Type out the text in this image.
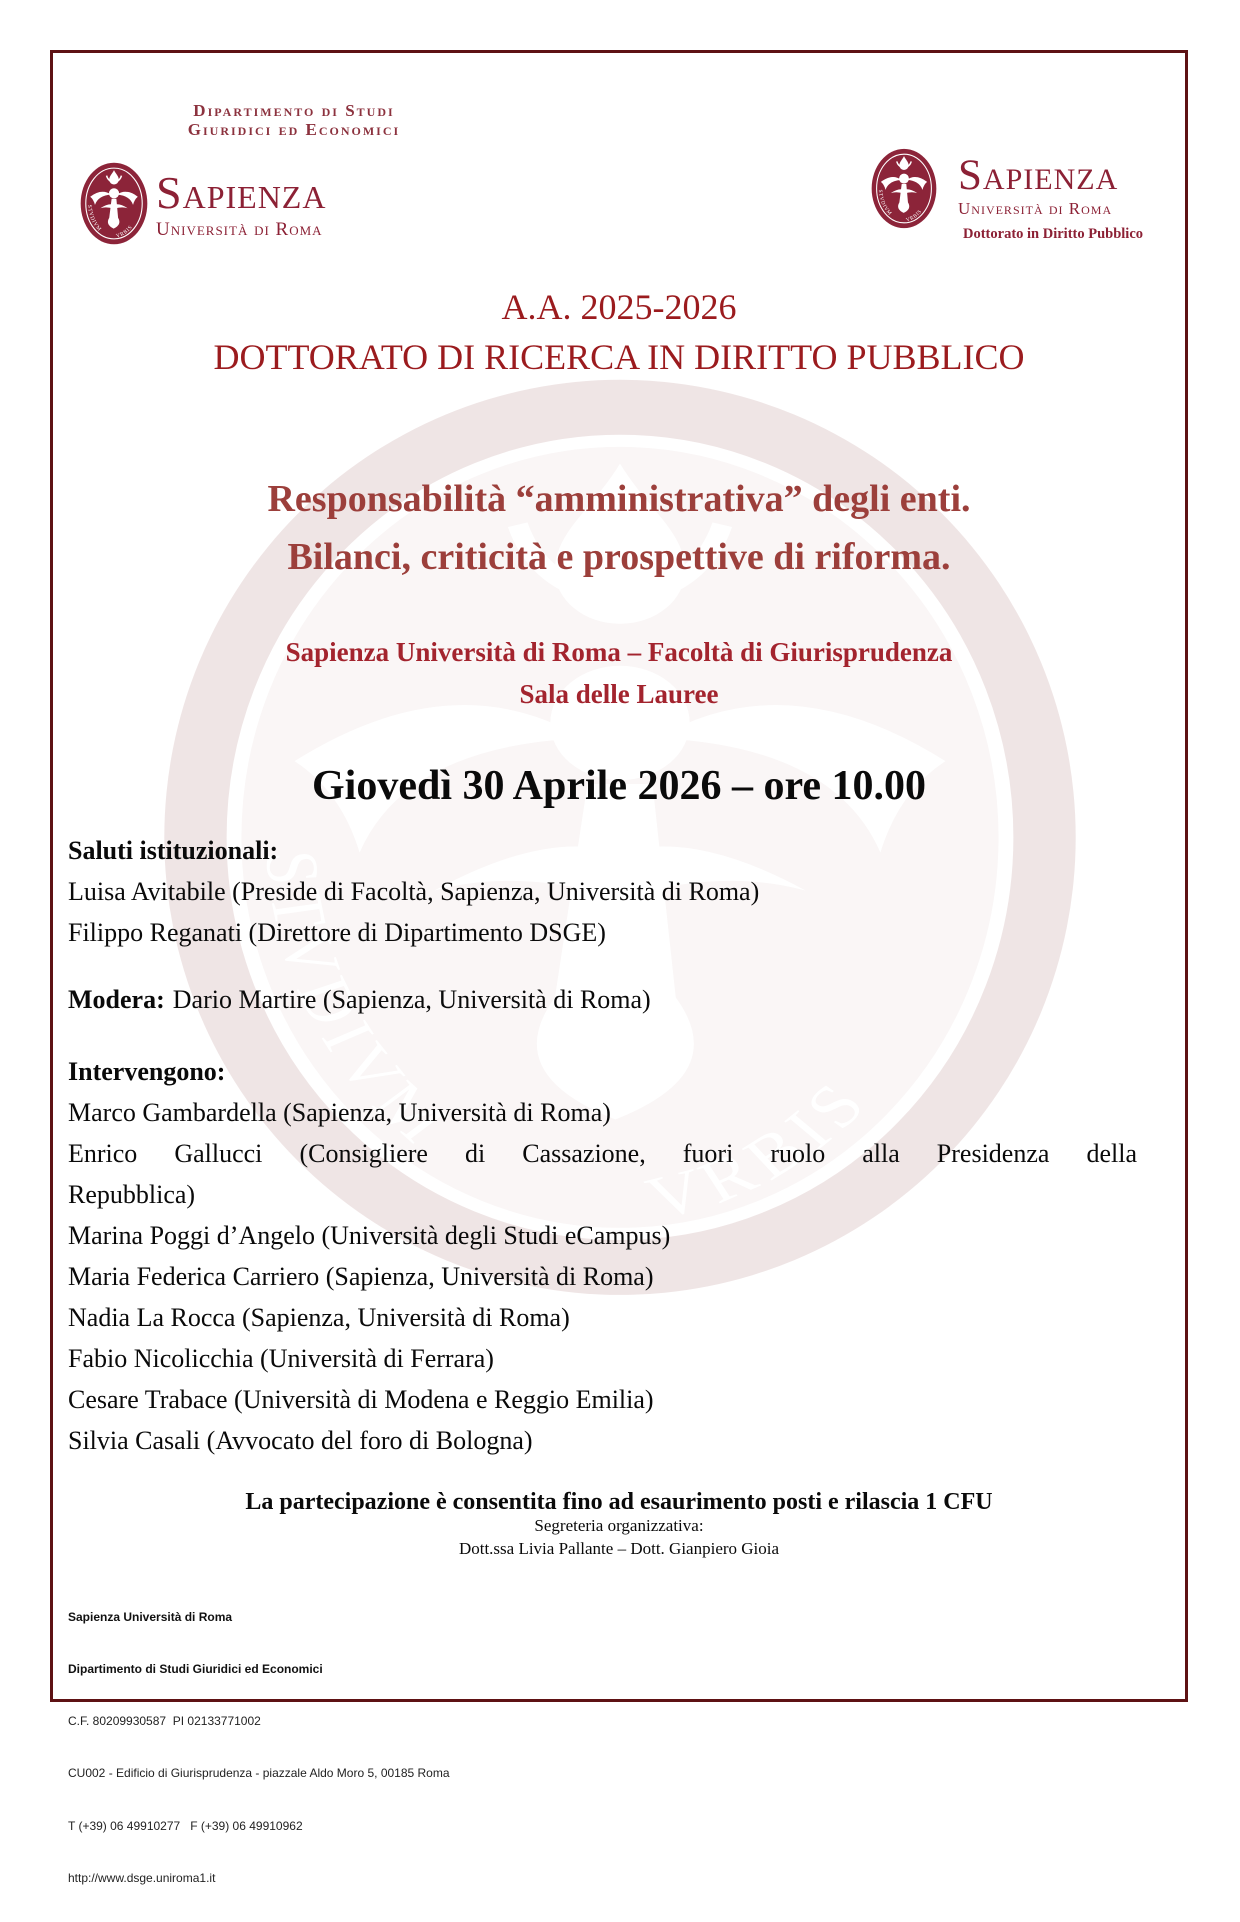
Dipartimento di Studi
Giuridici ed Economici
Sapienza
Università di Roma
Sapienza
Università di Roma
Dottorato in Diritto Pubblico
A.A. 2025-2026
DOTTORATO DI RICERCA IN DIRITTO PUBBLICO
Responsabilità “amministrativa” degli enti.
Bilanci, criticità e prospettive di riforma.
Sapienza Università di Roma – Facoltà di Giurisprudenza
Sala delle Lauree
Giovedì 30 Aprile 2026 – ore 10.00
Saluti istituzionali:
Luisa Avitabile (Preside di Facoltà, Sapienza, Università di Roma)
Filippo Reganati (Direttore di Dipartimento DSGE)
Modera: Dario Martire (Sapienza, Università di Roma)
Intervengono:
Marco Gambardella (Sapienza, Università di Roma)
Enrico Gallucci (Consigliere di Cassazione, fuori ruolo alla Presidenza della
Repubblica)
Marina Poggi d’Angelo (Università degli Studi eCampus)
Maria Federica Carriero (Sapienza, Università di Roma)
Nadia La Rocca (Sapienza, Università di Roma)
Fabio Nicolicchia (Università di Ferrara)
Cesare Trabace (Università di Modena e Reggio Emilia)
Silvia Casali (Avvocato del foro di Bologna)
La partecipazione è consentita fino ad esaurimento posti e rilascia 1 CFU
Segreteria organizzativa:
Dott.ssa Livia Pallante – Dott. Gianpiero Gioia

Sapienza Università di Roma

Dipartimento di Studi Giuridici ed Economici

C.F. 80209930587  PI 02133771002

CU002 - Edificio di Giurisprudenza - piazzale Aldo Moro 5, 00185 Roma

T (+39) 06 49910277   F (+39) 06 49910962

http://www.dsge.uniroma1.it
